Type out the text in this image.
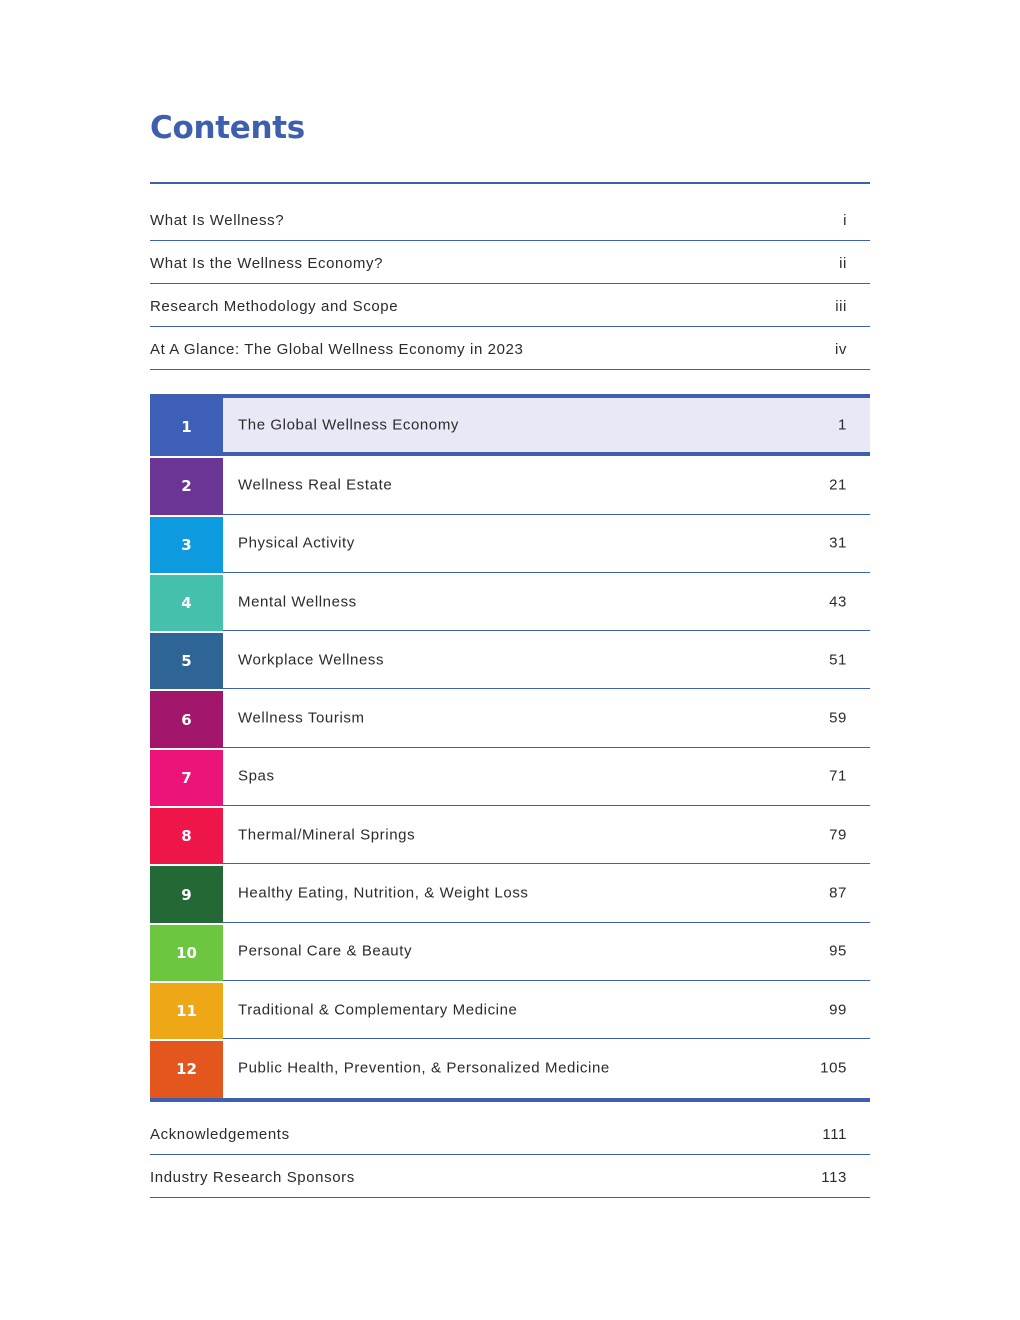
Contents
What Is Wellness?	i
What Is the Wellness Economy?	ii
Research Methodology and Scope	iii
At A Glance: The Global Wellness Economy in 2023	iv
1	The Global Wellness Economy	1
2	Wellness Real Estate	21
3	Physical Activity	31
4	Mental Wellness	43
5	Workplace Wellness	51
6	Wellness Tourism	59
7	Spas	71
8	Thermal/Mineral Springs	79
9	Healthy Eating, Nutrition, & Weight Loss	87
10	Personal Care & Beauty	95
11	Traditional & Complementary Medicine	99
12	Public Health, Prevention, & Personalized Medicine	105
Acknowledgements	111
Industry Research Sponsors	113
